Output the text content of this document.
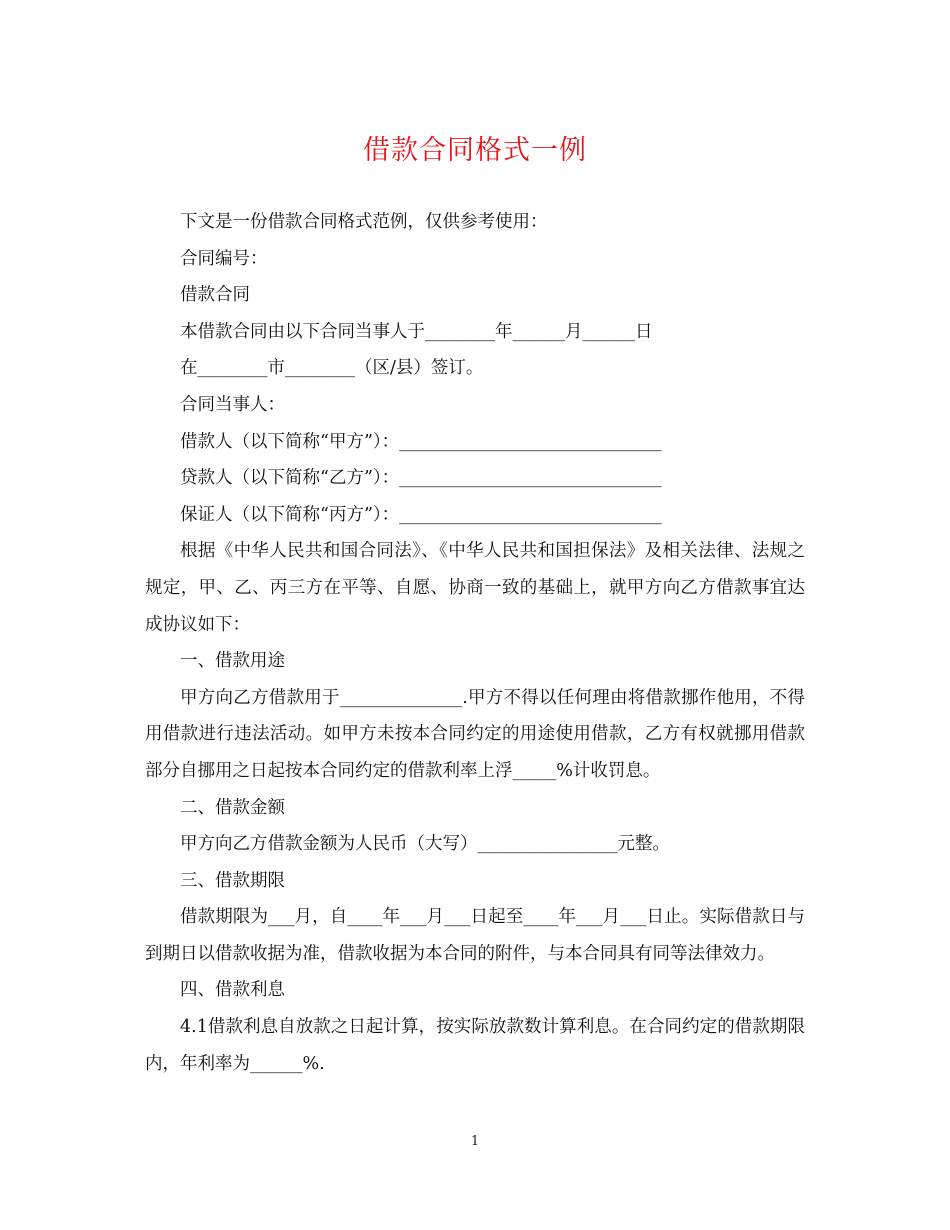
借款合同格式一例

下文是一份借款合同格式范例，仅供参考使用：

合同编号：

借款合同

本借款合同由以下合同当事人于________年______月______日

在________市________（区/县）签订。

合同当事人：

借款人（以下简称“甲方”）：______________________________

贷款人（以下简称“乙方”）：______________________________

保证人（以下简称“丙方”）：______________________________

根据《中华人民共和国合同法》、《中华人民共和国担保法》及相关法律、法规之规定，甲、乙、丙三方在平等、自愿、协商一致的基础上，就甲方向乙方借款事宜达成协议如下：

一、借款用途

甲方向乙方借款用于______________.甲方不得以任何理由将借款挪作他用，不得用借款进行违法活动。如甲方未按本合同约定的用途使用借款，乙方有权就挪用借款部分自挪用之日起按本合同约定的借款利率上浮_____%计收罚息。

二、借款金额

甲方向乙方借款金额为人民币（大写）________________元整。

三、借款期限

借款期限为___月，自____年___月___日起至____年___月___日止。实际借款日与到期日以借款收据为准，借款收据为本合同的附件，与本合同具有同等法律效力。

四、借款利息

4.1借款利息自放款之日起计算，按实际放款数计算利息。在合同约定的借款期限内，年利率为______%.

1
